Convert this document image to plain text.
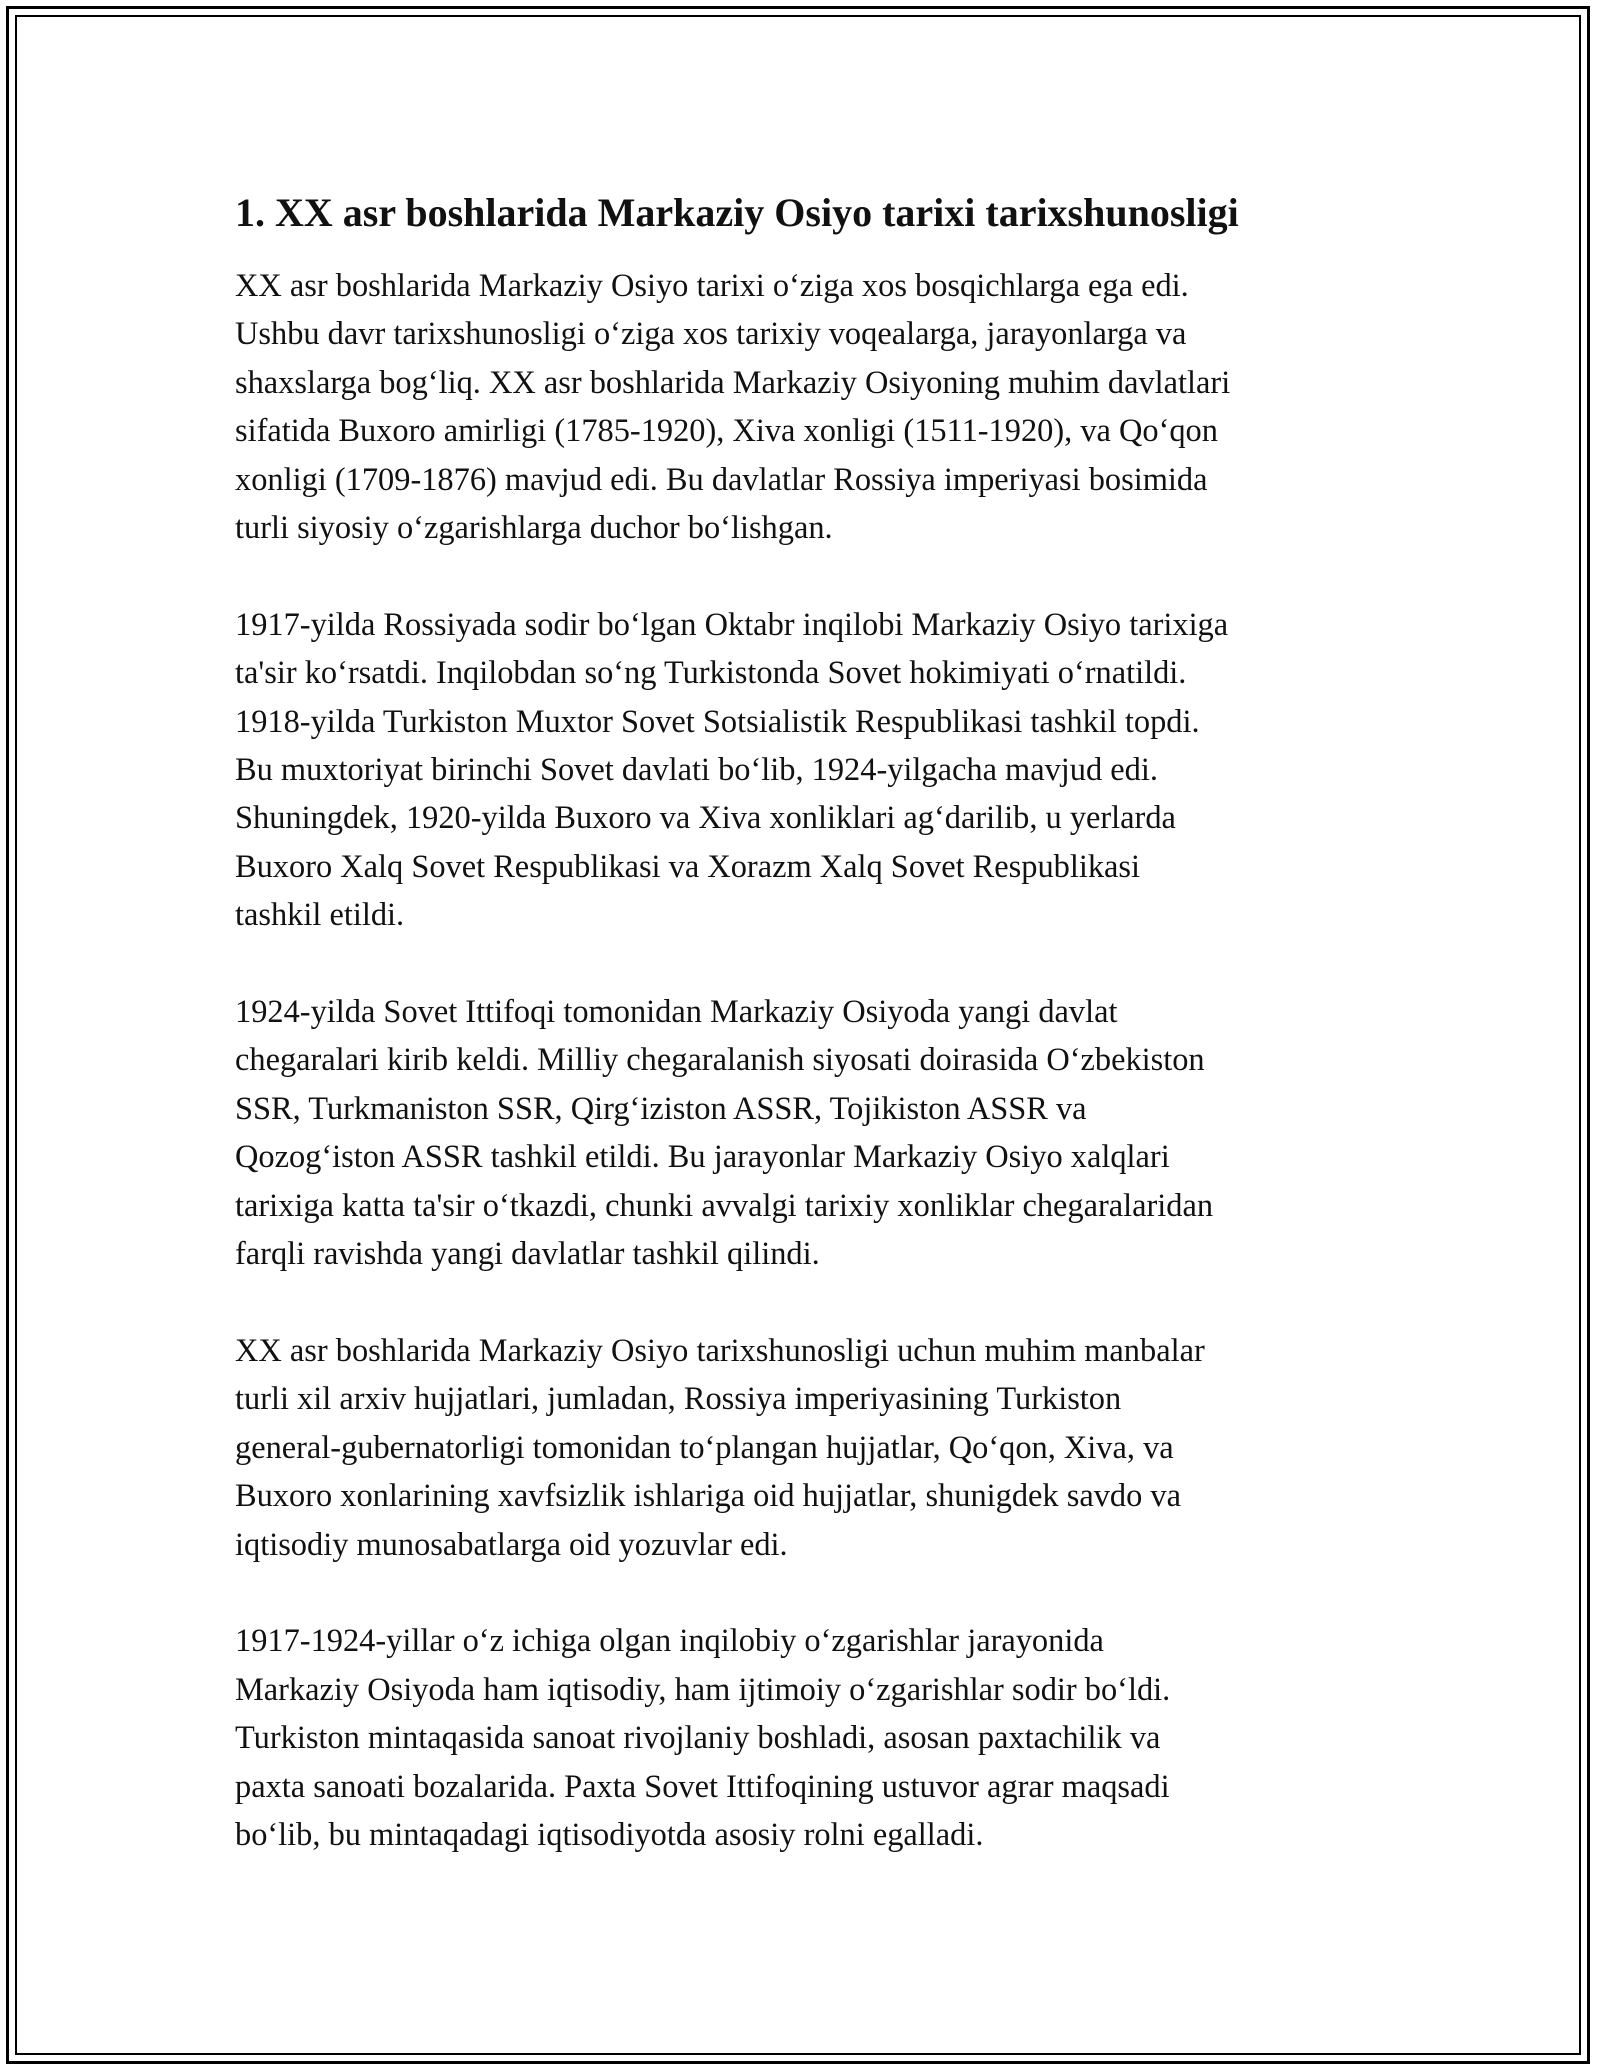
1. XX asr boshlarida Markaziy Osiyo tarixi tarixshunosligi
XX asr boshlarida Markaziy Osiyo tarixi o‘ziga xos bosqichlarga ega edi.
Ushbu davr tarixshunosligi o‘ziga xos tarixiy voqealarga, jarayonlarga va
shaxslarga bog‘liq. XX asr boshlarida Markaziy Osiyoning muhim davlatlari
sifatida Buxoro amirligi (1785-1920), Xiva xonligi (1511-1920), va Qo‘qon
xonligi (1709-1876) mavjud edi. Bu davlatlar Rossiya imperiyasi bosimida
turli siyosiy o‘zgarishlarga duchor bo‘lishgan.
1917-yilda Rossiyada sodir bo‘lgan Oktabr inqilobi Markaziy Osiyo tarixiga
ta'sir ko‘rsatdi. Inqilobdan so‘ng Turkistonda Sovet hokimiyati o‘rnatildi.
1918-yilda Turkiston Muxtor Sovet Sotsialistik Respublikasi tashkil topdi.
Bu muxtoriyat birinchi Sovet davlati bo‘lib, 1924-yilgacha mavjud edi.
Shuningdek, 1920-yilda Buxoro va Xiva xonliklari ag‘darilib, u yerlarda
Buxoro Xalq Sovet Respublikasi va Xorazm Xalq Sovet Respublikasi
tashkil etildi.
1924-yilda Sovet Ittifoqi tomonidan Markaziy Osiyoda yangi davlat
chegaralari kirib keldi. Milliy chegaralanish siyosati doirasida O‘zbekiston
SSR, Turkmaniston SSR, Qirg‘iziston ASSR, Tojikiston ASSR va
Qozog‘iston ASSR tashkil etildi. Bu jarayonlar Markaziy Osiyo xalqlari
tarixiga katta ta'sir o‘tkazdi, chunki avvalgi tarixiy xonliklar chegaralaridan
farqli ravishda yangi davlatlar tashkil qilindi.
XX asr boshlarida Markaziy Osiyo tarixshunosligi uchun muhim manbalar
turli xil arxiv hujjatlari, jumladan, Rossiya imperiyasining Turkiston
general-gubernatorligi tomonidan to‘plangan hujjatlar, Qo‘qon, Xiva, va
Buxoro xonlarining xavfsizlik ishlariga oid hujjatlar, shunigdek savdo va
iqtisodiy munosabatlarga oid yozuvlar edi.
1917-1924-yillar o‘z ichiga olgan inqilobiy o‘zgarishlar jarayonida
Markaziy Osiyoda ham iqtisodiy, ham ijtimoiy o‘zgarishlar sodir bo‘ldi.
Turkiston mintaqasida sanoat rivojlaniy boshladi, asosan paxtachilik va
paxta sanoati bozalarida. Paxta Sovet Ittifoqining ustuvor agrar maqsadi
bo‘lib, bu mintaqadagi iqtisodiyotda asosiy rolni egalladi.
